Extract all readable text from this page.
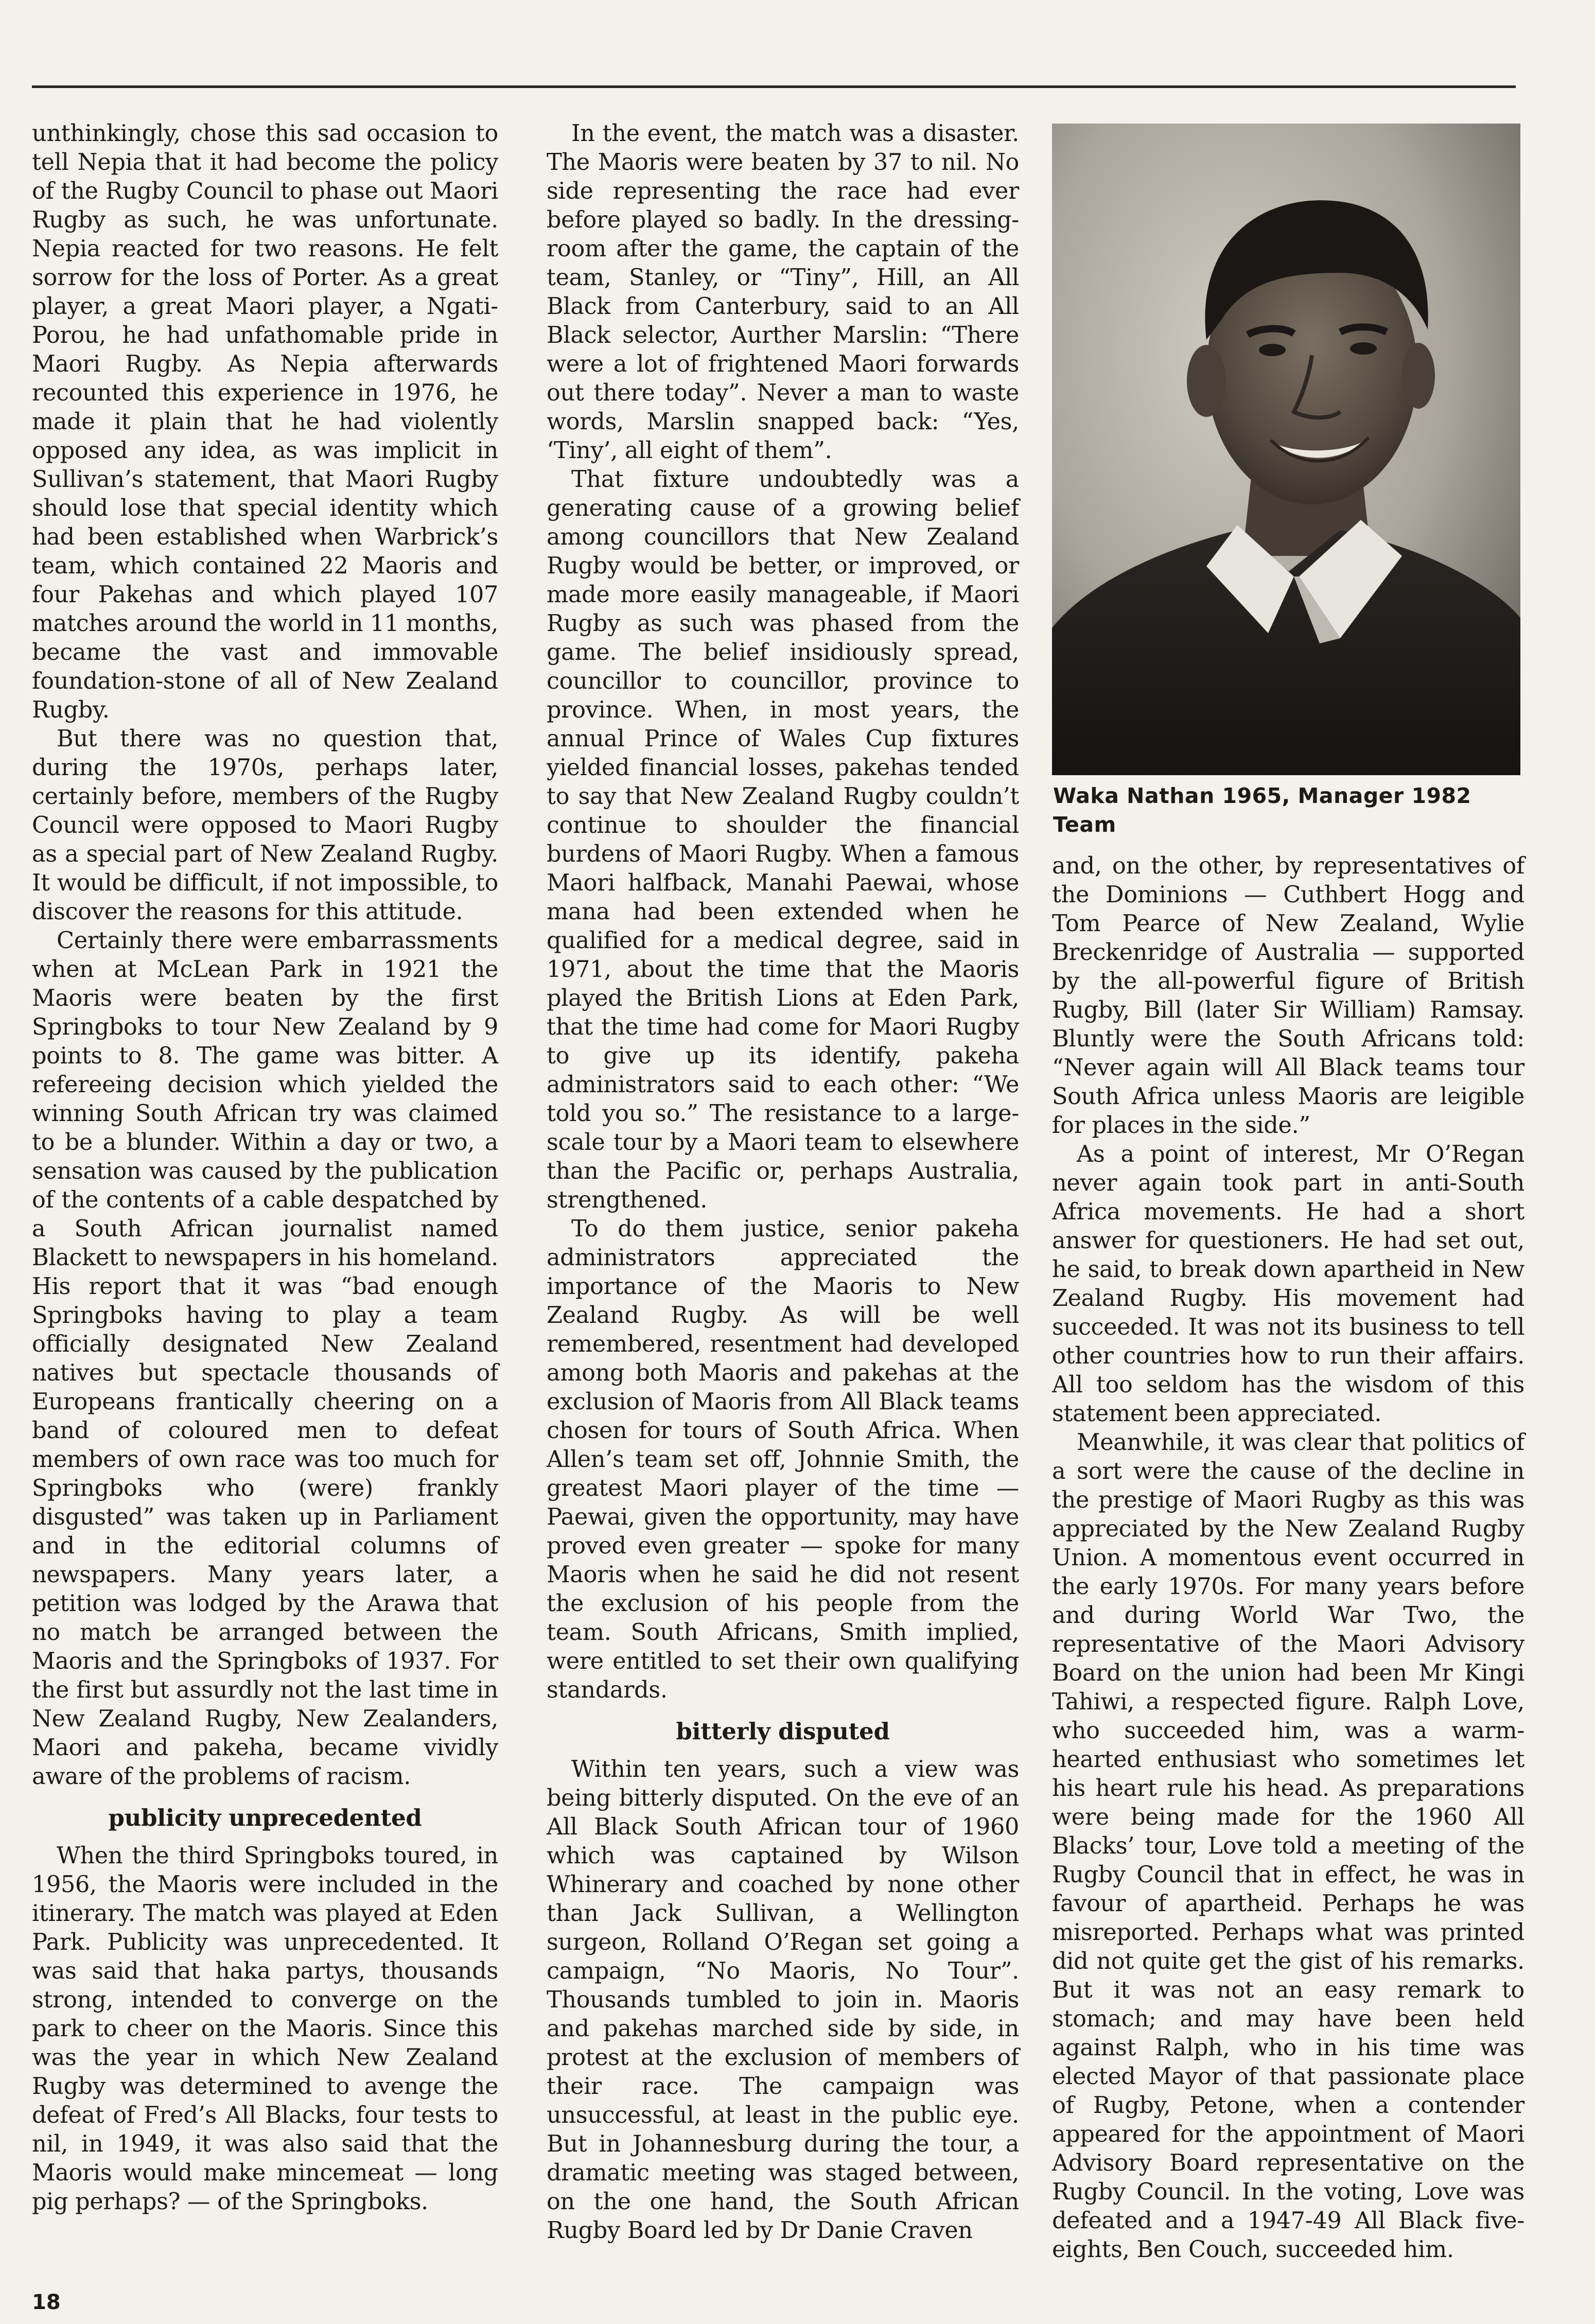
unthinkingly, chose this sad occasion to tell Nepia that it had become the policy of the Rugby Council to phase out Maori Rugby as such, he was unfortunate. Nepia reacted for two reasons. He felt sorrow for the loss of Porter. As a great player, a great Maori player, a Ngati-Porou, he had unfathomable pride in Maori Rugby. As Nepia afterwards recounted this experience in 1976, he made it plain that he had violently opposed any idea, as was implicit in Sullivan’s statement, that Maori Rugby should lose that special identity which had been established when Warbrick’s team, which contained 22 Maoris and four Pakehas and which played 107 matches around the world in 11 months, became the vast and immovable foundation-stone of all of New Zealand Rugby.

But there was no question that, during the 1970s, perhaps later, certainly before, members of the Rugby Council were opposed to Maori Rugby as a special part of New Zealand Rugby. It would be difficult, if not impossible, to discover the reasons for this attitude.

Certainly there were embarrassments when at McLean Park in 1921 the Maoris were beaten by the first Springboks to tour New Zealand by 9 points to 8. The game was bitter. A refereeing decision which yielded the winning South African try was claimed to be a blunder. Within a day or two, a sensation was caused by the publication of the contents of a cable despatched by a South African journalist named Blackett to newspapers in his homeland. His report that it was “bad enough Springboks having to play a team officially designated New Zealand natives but spectacle thousands of Europeans frantically cheering on a band of coloured men to defeat members of own race was too much for Springboks who (were) frankly disgusted” was taken up in Parliament and in the editorial columns of newspapers. Many years later, a petition was lodged by the Arawa that no match be arranged between the Maoris and the Springboks of 1937. For the first but assurdly not the last time in New Zealand Rugby, New Zealanders, Maori and pakeha, became vividly aware of the problems of racism.

publicity unprecedented

When the third Springboks toured, in 1956, the Maoris were included in the itinerary. The match was played at Eden Park. Publicity was unprecedented. It was said that haka partys, thousands strong, intended to converge on the park to cheer on the Maoris. Since this was the year in which New Zealand Rugby was determined to avenge the defeat of Fred’s All Blacks, four tests to nil, in 1949, it was also said that the Maoris would make mincemeat — long pig perhaps? — of the Springboks.

In the event, the match was a disaster. The Maoris were beaten by 37 to nil. No side representing the race had ever before played so badly. In the dressing-room after the game, the captain of the team, Stanley, or “Tiny”, Hill, an All Black from Canterbury, said to an All Black selector, Aurther Marslin: “There were a lot of frightened Maori forwards out there today”. Never a man to waste words, Marslin snapped back: “Yes, ‘Tiny’, all eight of them”.

That fixture undoubtedly was a generating cause of a growing belief among councillors that New Zealand Rugby would be better, or improved, or made more easily manageable, if Maori Rugby as such was phased from the game. The belief insidiously spread, councillor to councillor, province to province. When, in most years, the annual Prince of Wales Cup fixtures yielded financial losses, pakehas tended to say that New Zealand Rugby couldn’t continue to shoulder the financial burdens of Maori Rugby. When a famous Maori halfback, Manahi Paewai, whose mana had been extended when he qualified for a medical degree, said in 1971, about the time that the Maoris played the British Lions at Eden Park, that the time had come for Maori Rugby to give up its identify, pakeha administrators said to each other: “We told you so.” The resistance to a large-scale tour by a Maori team to elsewhere than the Pacific or, perhaps Australia, strengthened.

To do them justice, senior pakeha administrators appreciated the importance of the Maoris to New Zealand Rugby. As will be well remembered, resentment had developed among both Maoris and pakehas at the exclusion of Maoris from All Black teams chosen for tours of South Africa. When Allen’s team set off, Johnnie Smith, the greatest Maori player of the time — Paewai, given the opportunity, may have proved even greater — spoke for many Maoris when he said he did not resent the exclusion of his people from the team. South Africans, Smith implied, were entitled to set their own qualifying standards.

bitterly disputed

Within ten years, such a view was being bitterly disputed. On the eve of an All Black South African tour of 1960 which was captained by Wilson Whinerary and coached by none other than Jack Sullivan, a Wellington surgeon, Rolland O’Regan set going a campaign, “No Maoris, No Tour”. Thousands tumbled to join in. Maoris and pakehas marched side by side, in protest at the exclusion of members of their race. The campaign was unsuccessful, at least in the public eye. But in Johannesburg during the tour, a dramatic meeting was staged between, on the one hand, the South African Rugby Board led by Dr Danie Craven

Waka Nathan 1965, Manager 1982 Team

and, on the other, by representatives of the Dominions — Cuthbert Hogg and Tom Pearce of New Zealand, Wylie Breckenridge of Australia — supported by the all-powerful figure of British Rugby, Bill (later Sir William) Ramsay. Bluntly were the South Africans told: “Never again will All Black teams tour South Africa unless Maoris are leigible for places in the side.”

As a point of interest, Mr O’Regan never again took part in anti-South Africa movements. He had a short answer for questioners. He had set out, he said, to break down apartheid in New Zealand Rugby. His movement had succeeded. It was not its business to tell other countries how to run their affairs. All too seldom has the wisdom of this statement been appreciated.

Meanwhile, it was clear that politics of a sort were the cause of the decline in the prestige of Maori Rugby as this was appreciated by the New Zealand Rugby Union. A momentous event occurred in the early 1970s. For many years before and during World War Two, the representative of the Maori Advisory Board on the union had been Mr Kingi Tahiwi, a respected figure. Ralph Love, who succeeded him, was a warm-hearted enthusiast who sometimes let his heart rule his head. As preparations were being made for the 1960 All Blacks’ tour, Love told a meeting of the Rugby Council that in effect, he was in favour of apartheid. Perhaps he was misreported. Perhaps what was printed did not quite get the gist of his remarks. But it was not an easy remark to stomach; and may have been held against Ralph, who in his time was elected Mayor of that passionate place of Rugby, Petone, when a contender appeared for the appointment of Maori Advisory Board representative on the Rugby Council. In the voting, Love was defeated and a 1947-49 All Black five-eights, Ben Couch, succeeded him.

18
